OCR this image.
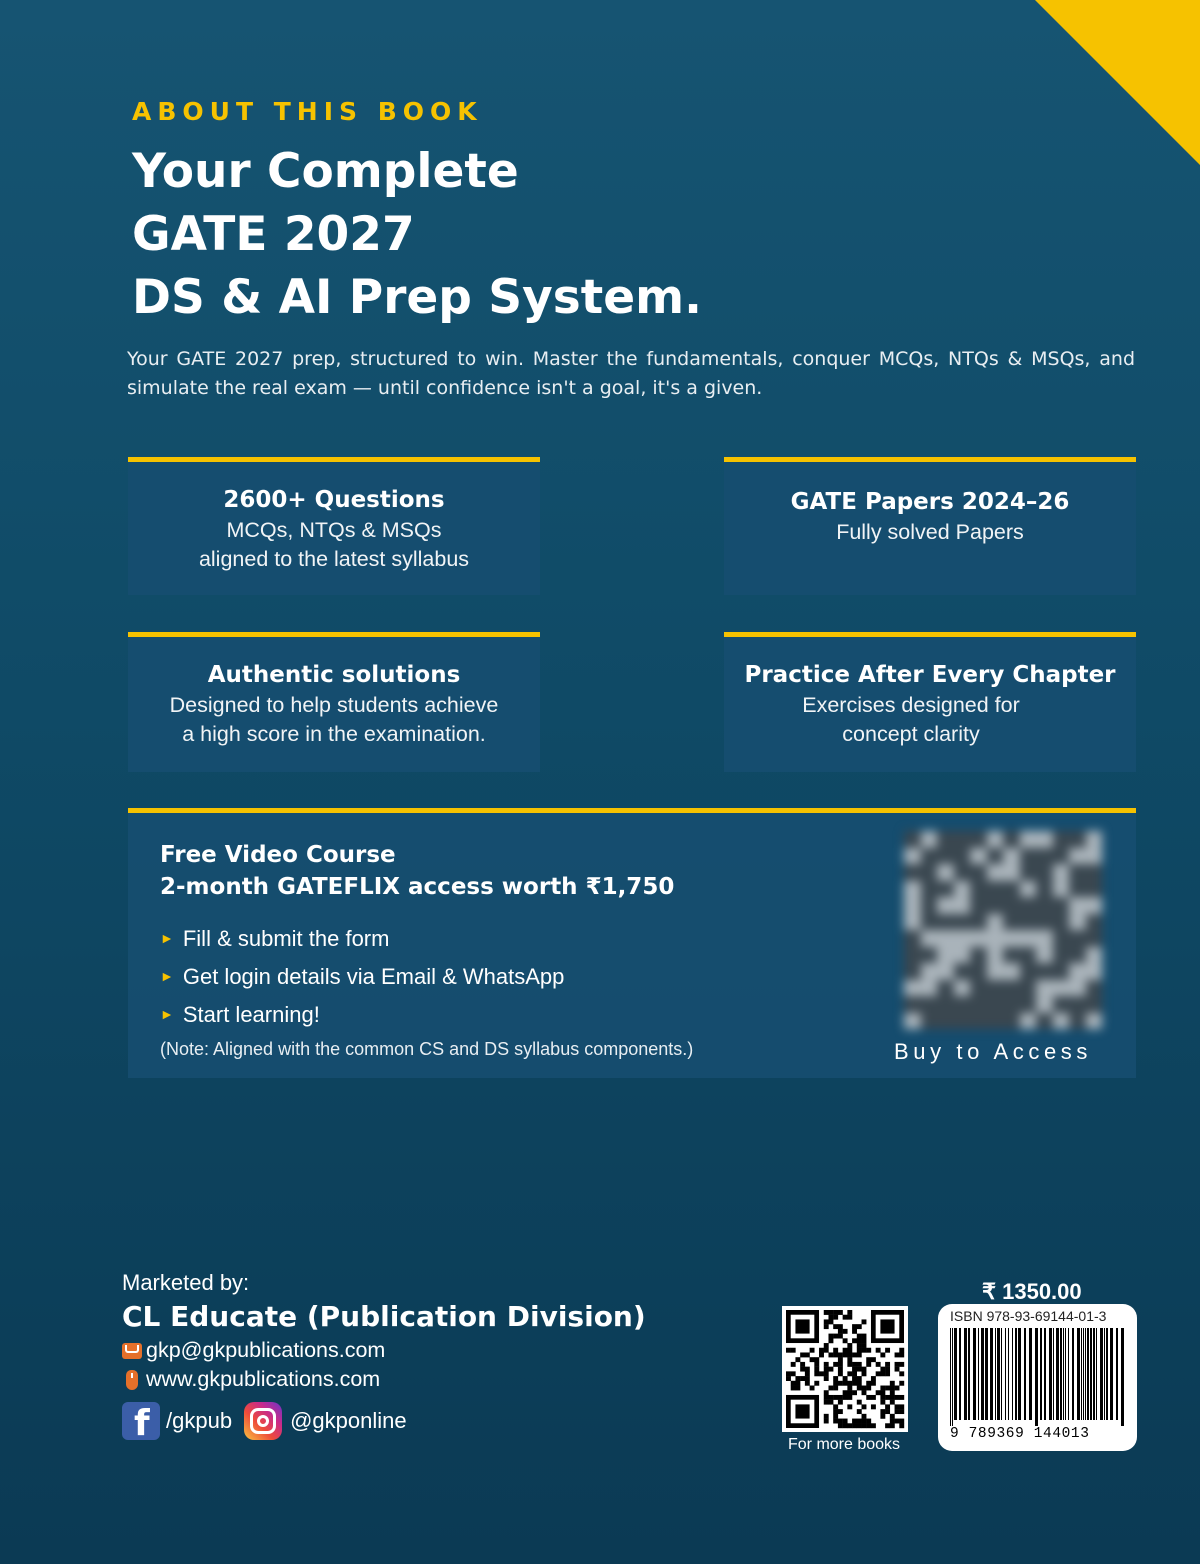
ABOUT THIS BOOK

Your Complete
GATE 2027
DS & AI Prep System.

Your GATE 2027 prep, structured to win. Master the fundamentals, conquer MCQs, NTQs & MSQs, and simulate the real exam — until confidence isn't a goal, it's a given.

2600+ Questions
MCQs, NTQs & MSQs
aligned to the latest syllabus
GATE Papers 2024–26
Fully solved Papers
Authentic solutions
Designed to help students achieve
a high score in the examination.
Practice After Every Chapter
Exercises designed for
concept clarity
Free Video Course
2-month GATEFLIX access worth ₹1,750
► Fill & submit the form
► Get login details via Email & WhatsApp
► Start learning!

(Note: Aligned with the common CS and DS syllabus components.)	Buy to Access

Marketed by:

CL Educate (Publication Division)

gkp@gkpublications.com

www.gkpublications.com

f /gkpub	@gkponline

For more books

₹ 1350.00

ISBN 978-93-69144-01-3

9 789369 144013
